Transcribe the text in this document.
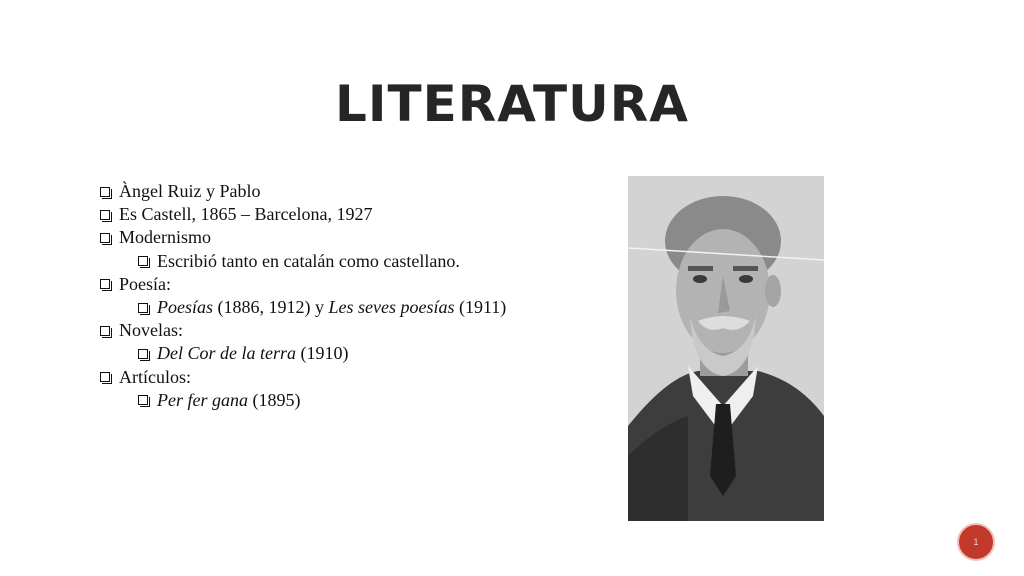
LITERATURA
Àngel Ruiz y Pablo
Es Castell, 1865 – Barcelona, 1927
Modernismo
Escribió tanto en catalán como castellano.
Poesía:
Poesías (1886, 1912) y Les seves poesías (1911)
Novelas:
Del Cor de la terra (1910)
Artículos:
Per fer gana (1895)
1
